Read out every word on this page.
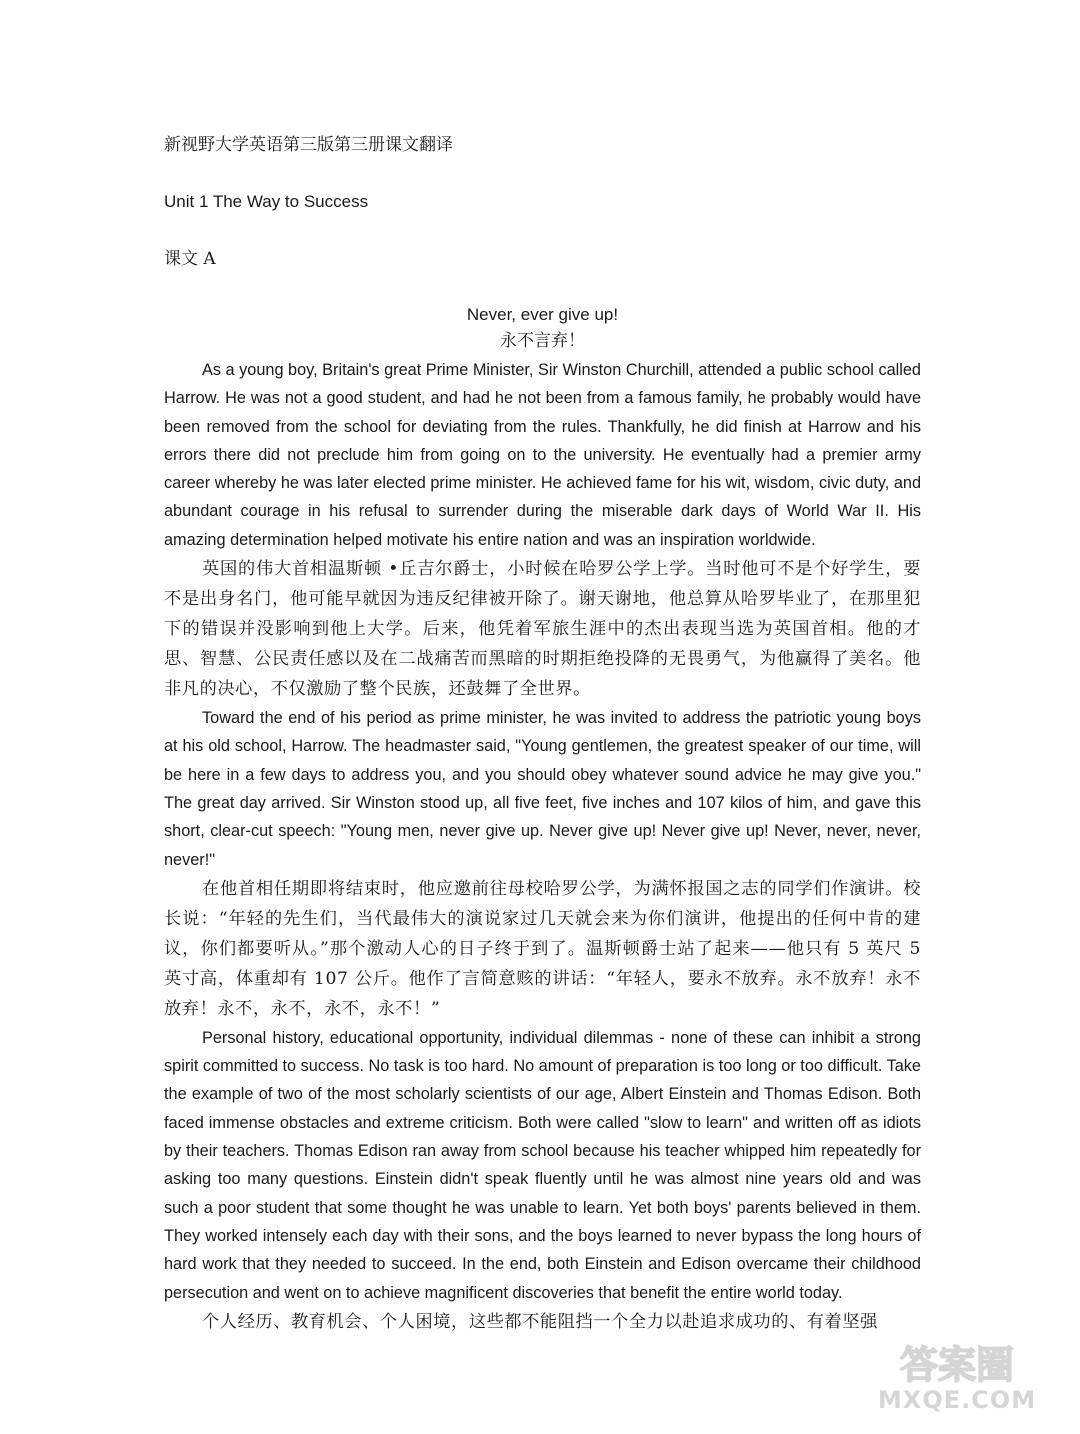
新视野大学英语第三版第三册课文翻译
Unit 1 The Way to Success
课文 A

Never, ever give up!

永不言弃！

As a young boy, Britain's great Prime Minister, Sir Winston Churchill, attended a public school called Harrow. He was not a good student, and had he not been from a famous family, he probably would have been removed from the school for deviating from the rules. Thankfully, he did finish at Harrow and his errors there did not preclude him from going on to the university. He eventually had a premier army career whereby he was later elected prime minister. He achieved fame for his wit, wisdom, civic duty, and abundant courage in his refusal to surrender during the miserable dark days of World War II. His amazing determination helped motivate his entire nation and was an inspiration worldwide.

英国的伟大首相温斯顿 •丘吉尔爵士，小时候在哈罗公学上学。当时他可不是个好学生，要不是出身名门，他可能早就因为违反纪律被开除了。谢天谢地，他总算从哈罗毕业了，在那里犯下的错误并没影响到他上大学。后来，他凭着军旅生涯中的杰出表现当选为英国首相。他的才思、智慧、公民责任感以及在二战痛苦而黑暗的时期拒绝投降的无畏勇气，为他赢得了美名。他非凡的决心，不仅激励了整个民族，还鼓舞了全世界。

Toward the end of his period as prime minister, he was invited to address the patriotic young boys at his old school, Harrow. The headmaster said, "Young gentlemen, the greatest speaker of our time, will be here in a few days to address you, and you should obey whatever sound advice he may give you." The great day arrived. Sir Winston stood up, all five feet, five inches and 107 kilos of him, and gave this short, clear-cut speech: "Young men, never give up. Never give up! Never give up! Never, never, never, never!"

在他首相任期即将结束时，他应邀前往母校哈罗公学，为满怀报国之志的同学们作演讲。校长说：“年轻的先生们，当代最伟大的演说家过几天就会来为你们演讲，他提出的任何中肯的建议，你们都要听从。”那个激动人心的日子终于到了。温斯顿爵士站了起来——他只有 5 英尺 5 英寸高，体重却有 107 公斤。他作了言简意赅的讲话：“年轻人，要永不放弃。永不放弃！永不放弃！永不，永不，永不，永不！”

Personal history, educational opportunity, individual dilemmas - none of these can inhibit a strong spirit committed to success. No task is too hard. No amount of preparation is too long or too difficult. Take the example of two of the most scholarly scientists of our age, Albert Einstein and Thomas Edison. Both faced immense obstacles and extreme criticism. Both were called "slow to learn" and written off as idiots by their teachers. Thomas Edison ran away from school because his teacher whipped him repeatedly for asking too many questions. Einstein didn't speak fluently until he was almost nine years old and was such a poor student that some thought he was unable to learn. Yet both boys' parents believed in them. They worked intensely each day with their sons, and the boys learned to never bypass the long hours of hard work that they needed to succeed. In the end, both Einstein and Edison overcame their childhood persecution and went on to achieve magnificent discoveries that benefit the entire world today.

个人经历、教育机会、个人困境，这些都不能阻挡一个全力以赴追求成功的、有着坚强

答案圈
MXQE.COM
